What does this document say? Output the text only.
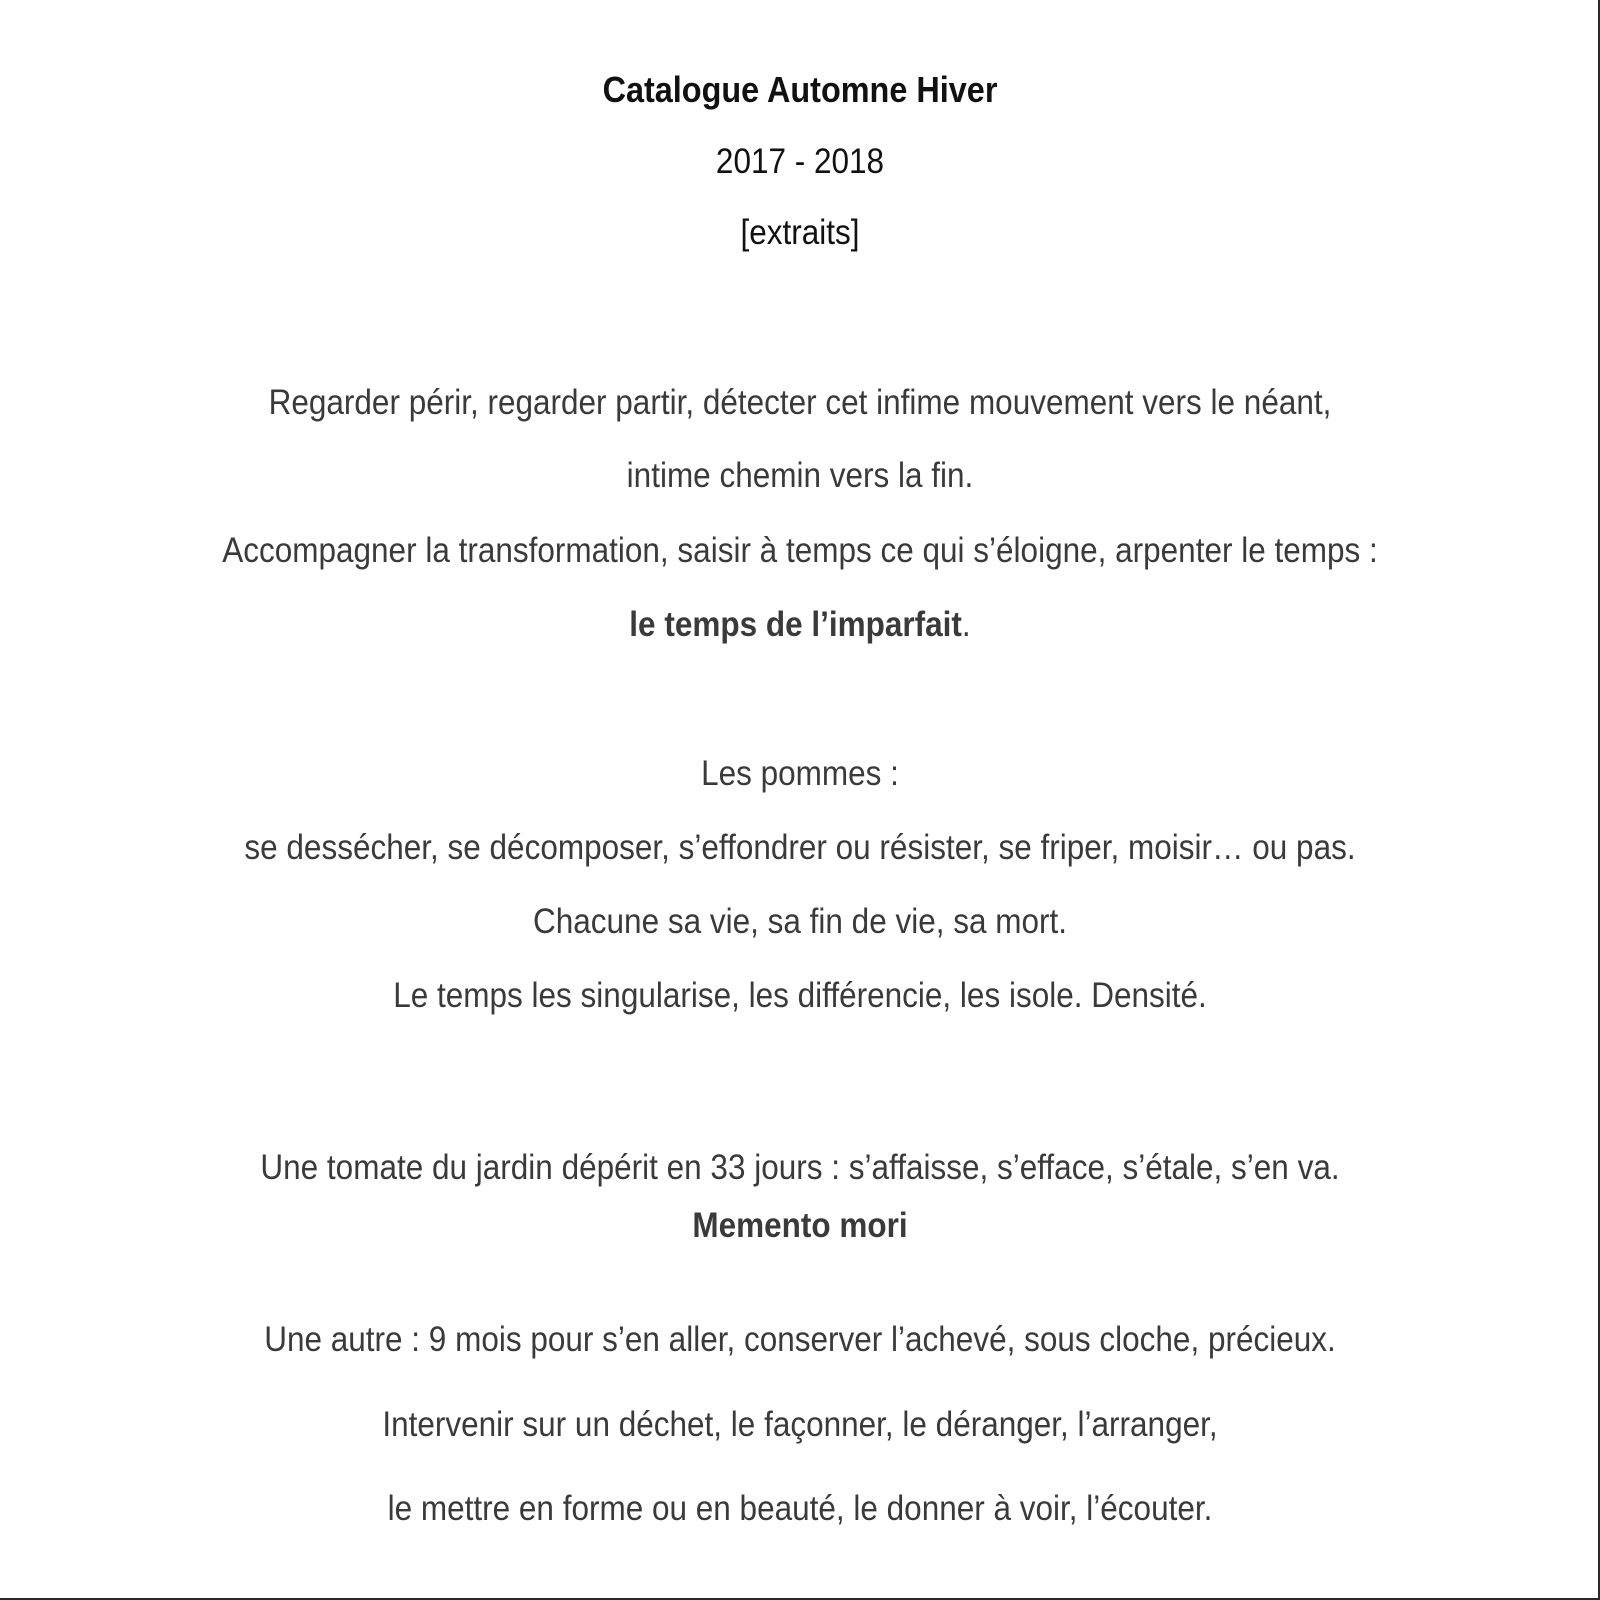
Catalogue Automne Hiver
2017 - 2018
[extraits]
Regarder périr, regarder partir, détecter cet infime mouvement vers le néant,
intime chemin vers la fin.
Accompagner la transformation, saisir à temps ce qui s’éloigne, arpenter le temps :
le temps de l’imparfait.
Les pommes :
se dessécher, se décomposer, s’effondrer ou résister, se friper, moisir… ou pas.
Chacune sa vie, sa fin de vie, sa mort.
Le temps les singularise, les différencie, les isole. Densité.
Une tomate du jardin dépérit en 33 jours : s’affaisse, s’efface, s’étale, s’en va.
Memento mori
Une autre : 9 mois pour s’en aller, conserver l’achevé, sous cloche, précieux.
Intervenir sur un déchet, le façonner, le déranger, l’arranger,
le mettre en forme ou en beauté, le donner à voir, l’écouter.
